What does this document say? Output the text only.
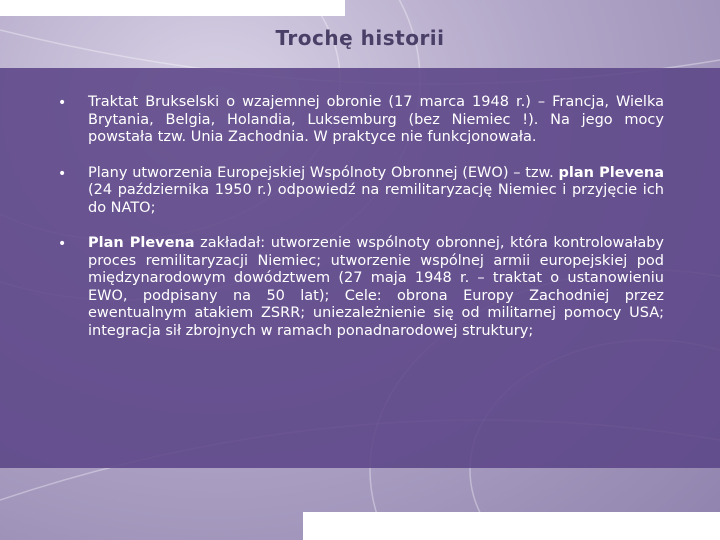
Trochę historii
• Traktat Brukselski o wzajemnej obronie (17 marca 1948 r.) – Francja, Wielka Brytania, Belgia, Holandia, Luksemburg (bez Niemiec !). Na jego mocy powstała tzw. Unia Zachodnia. W praktyce nie funkcjonowała.
• Plany utworzenia Europejskiej Wspólnoty Obronnej (EWO) – tzw. plan Plevena (24 października 1950 r.) odpowiedź na remilitaryzację Niemiec i przyjęcie ich do NATO;
• Plan Plevena zakładał: utworzenie wspólnoty obronnej, która kontrolowałaby proces remilitaryzacji Niemiec; utworzenie wspólnej armii europejskiej pod międzynarodowym dowództwem (27 maja 1948 r. – traktat o ustanowieniu EWO, podpisany na 50 lat); Cele: obrona Europy Zachodniej przez ewentualnym atakiem ZSRR; uniezależnienie się od militarnej pomocy USA; integracja sił zbrojnych w ramach ponadnarodowej struktury;
